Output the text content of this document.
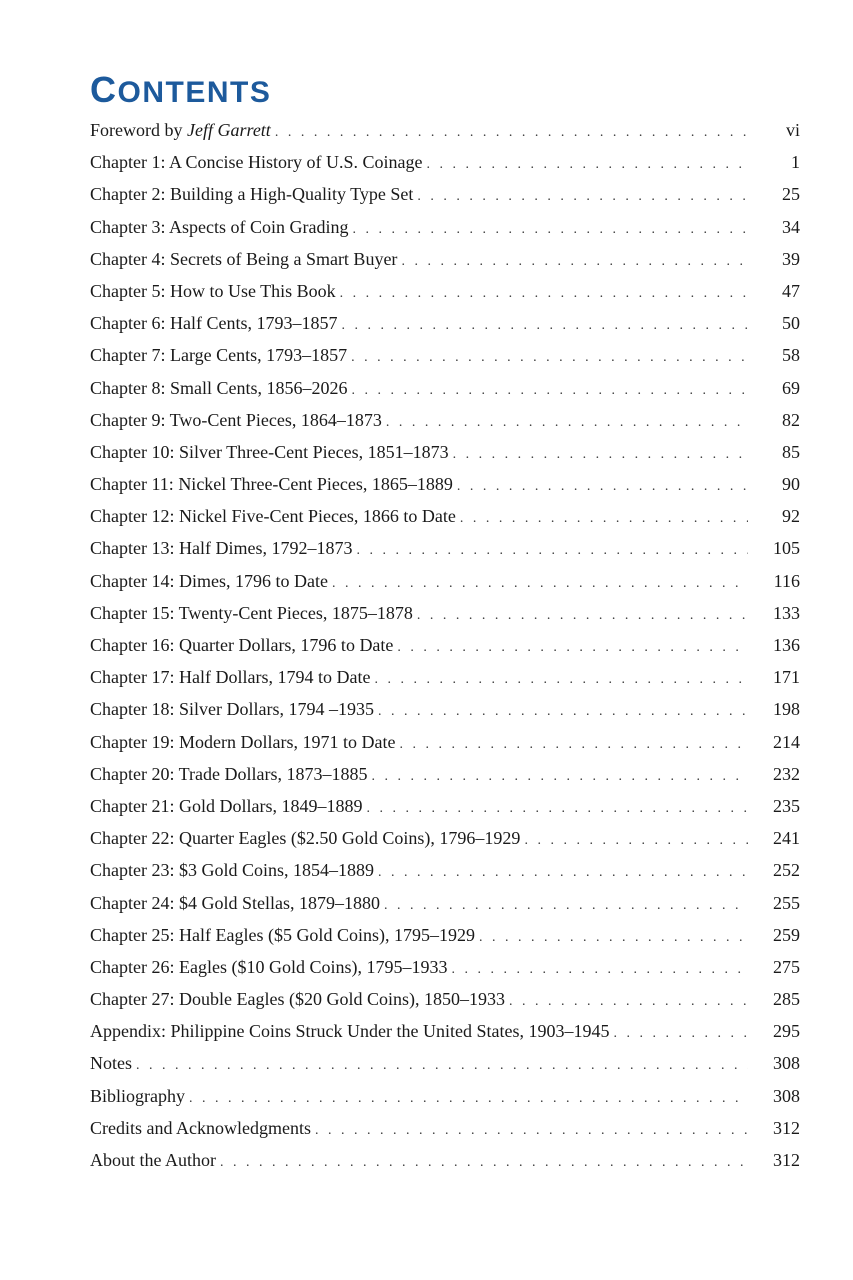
CONTENTS
Foreword by Jeff Garrett . . .	vi
Chapter 1: A Concise History of U.S. Coinage . . .	1
Chapter 2: Building a High-Quality Type Set . . .	25
Chapter 3: Aspects of Coin Grading . . .	34
Chapter 4: Secrets of Being a Smart Buyer . . .	39
Chapter 5: How to Use This Book . . .	47
Chapter 6: Half Cents, 1793–1857 . . .	50
Chapter 7: Large Cents, 1793–1857 . . .	58
Chapter 8: Small Cents, 1856–2026 . . .	69
Chapter 9: Two-Cent Pieces, 1864–1873 . . .	82
Chapter 10: Silver Three-Cent Pieces, 1851–1873 . . .	85
Chapter 11: Nickel Three-Cent Pieces, 1865–1889 . . .	90
Chapter 12: Nickel Five-Cent Pieces, 1866 to Date . . .	92
Chapter 13: Half Dimes, 1792–1873 . . .	105
Chapter 14: Dimes, 1796 to Date . . .	116
Chapter 15: Twenty-Cent Pieces, 1875–1878 . . .	133
Chapter 16: Quarter Dollars, 1796 to Date . . .	136
Chapter 17: Half Dollars, 1794 to Date . . .	171
Chapter 18: Silver Dollars, 1794 –1935 . . .	198
Chapter 19: Modern Dollars, 1971 to Date . . .	214
Chapter 20: Trade Dollars, 1873–1885 . . .	232
Chapter 21: Gold Dollars, 1849–1889 . . .	235
Chapter 22: Quarter Eagles ($2.50 Gold Coins), 1796–1929 . . .	241
Chapter 23: $3 Gold Coins, 1854–1889 . . .	252
Chapter 24: $4 Gold Stellas, 1879–1880 . . .	255
Chapter 25: Half Eagles ($5 Gold Coins), 1795–1929 . . .	259
Chapter 26: Eagles ($10 Gold Coins), 1795–1933 . . .	275
Chapter 27: Double Eagles ($20 Gold Coins), 1850–1933 . . .	285
Appendix: Philippine Coins Struck Under the United States, 1903–1945 . . .	295
Notes . . .	308
Bibliography . . .	308
Credits and Acknowledgments . . .	312
About the Author . . .	312
